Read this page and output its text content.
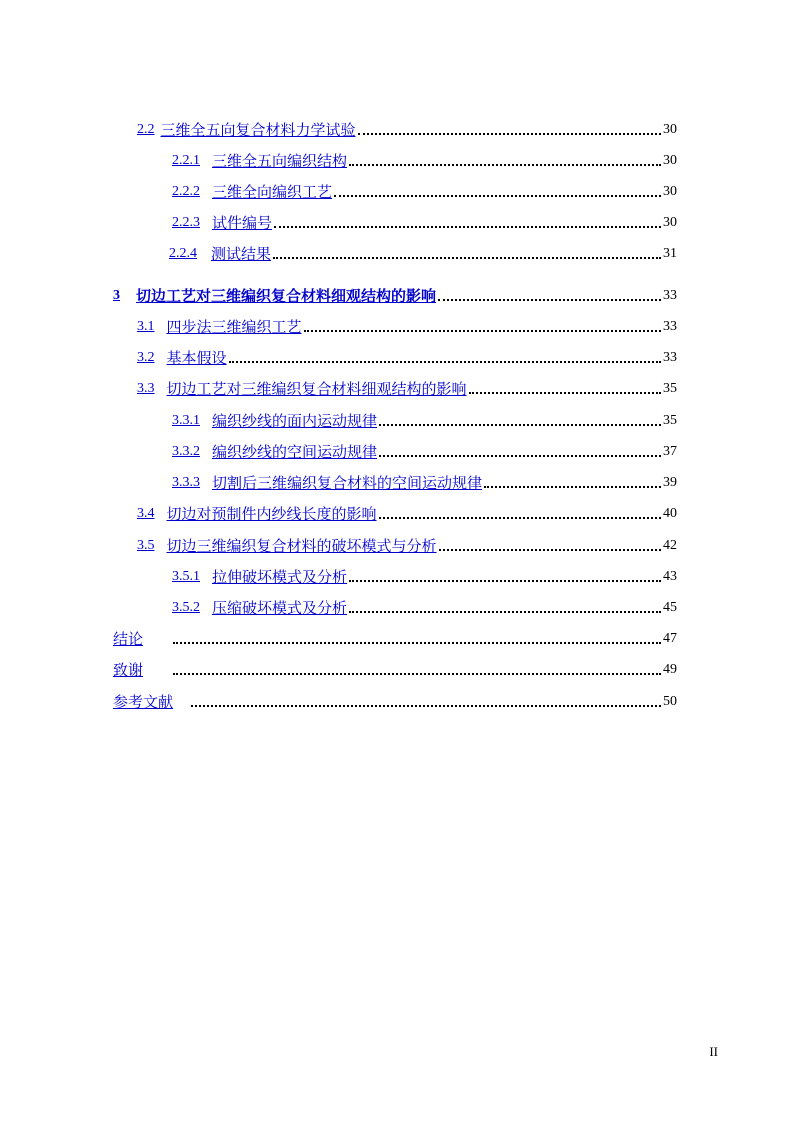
2.2 三维全五向复合材料力学试验	30
2.2.1 三维全五向编织结构	30
2.2.2 三维全向编织工艺	30
2.2.3 试件编号	30
2.2.4 测试结果	31
3 切边工艺对三维编织复合材料细观结构的影响	33
3.1 四步法三维编织工艺	33
3.2 基本假设	33
3.3 切边工艺对三维编织复合材料细观结构的影响	35
3.3.1 编织纱线的面内运动规律	35
3.3.2 编织纱线的空间运动规律	37
3.3.3 切割后三维编织复合材料的空间运动规律	39
3.4 切边对预制件内纱线长度的影响	40
3.5 切边三维编织复合材料的破坏模式与分析	42
3.5.1 拉伸破坏模式及分析	43
3.5.2 压缩破坏模式及分析	45
结论	47
致谢	49
参考文献	50
II
